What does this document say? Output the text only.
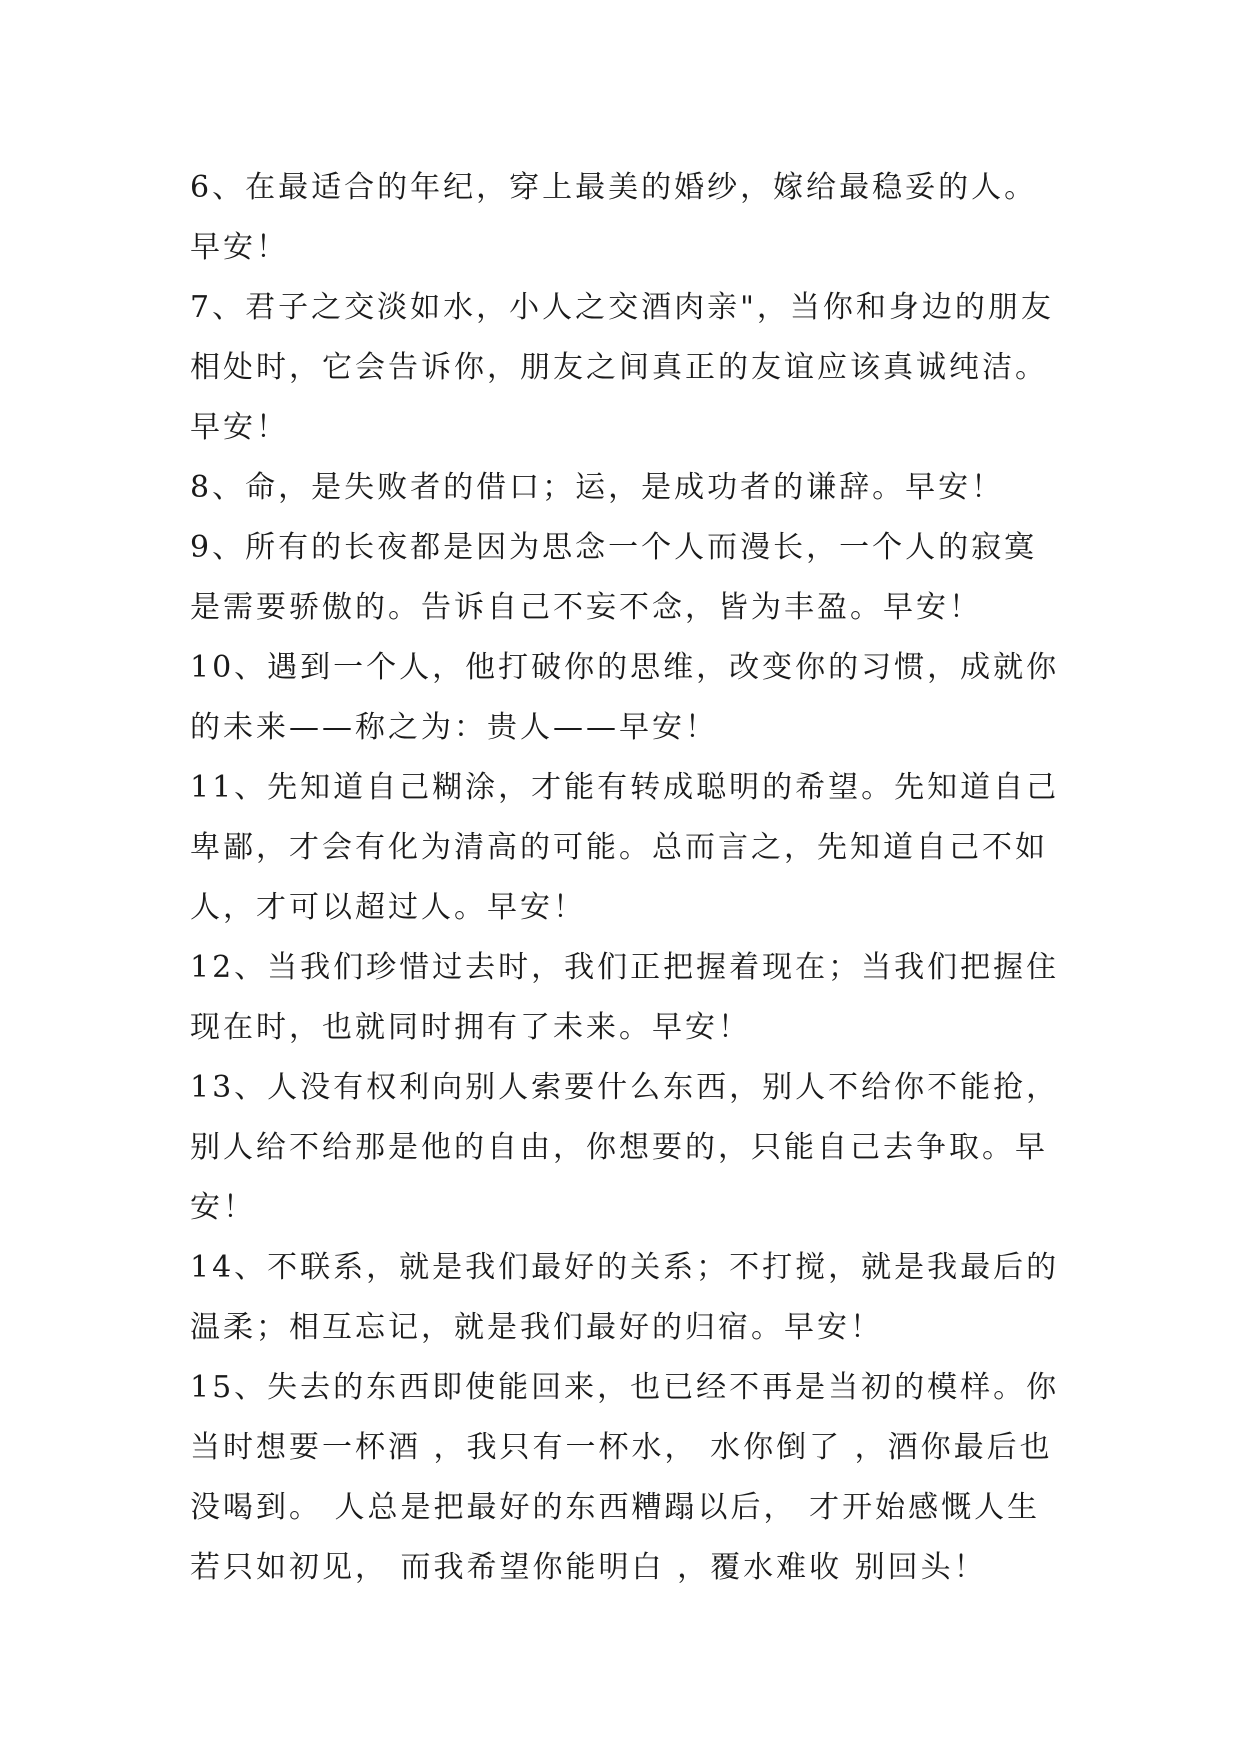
6、在最适合的年纪，穿上最美的婚纱，嫁给最稳妥的人。早安！

7、君子之交淡如水，小人之交酒肉亲"，当你和身边的朋友相处时，它会告诉你，朋友之间真正的友谊应该真诚纯洁。早安！

8、命，是失败者的借口；运，是成功者的谦辞。早安！

9、所有的长夜都是因为思念一个人而漫长，一个人的寂寞是需要骄傲的。告诉自己不妄不念，皆为丰盈。早安！

10、遇到一个人，他打破你的思维，改变你的习惯，成就你的未来——称之为：贵人——早安！

11、先知道自己糊涂，才能有转成聪明的希望。先知道自己卑鄙，才会有化为清高的可能。总而言之，先知道自己不如人，才可以超过人。早安！

12、当我们珍惜过去时，我们正把握着现在；当我们把握住现在时，也就同时拥有了未来。早安！

13、人没有权利向别人索要什么东西，别人不给你不能抢，别人给不给那是他的自由，你想要的，只能自己去争取。早安！

14、不联系，就是我们最好的关系；不打搅，就是我最后的温柔；相互忘记，就是我们最好的归宿。早安！

15、失去的东西即使能回来，也已经不再是当初的模样。你当时想要一杯酒 ，我只有一杯水， 水你倒了 ，酒你最后也没喝到。 人总是把最好的东西糟蹋以后， 才开始感慨人生若只如初见， 而我希望你能明白 ，覆水难收 别回头！
